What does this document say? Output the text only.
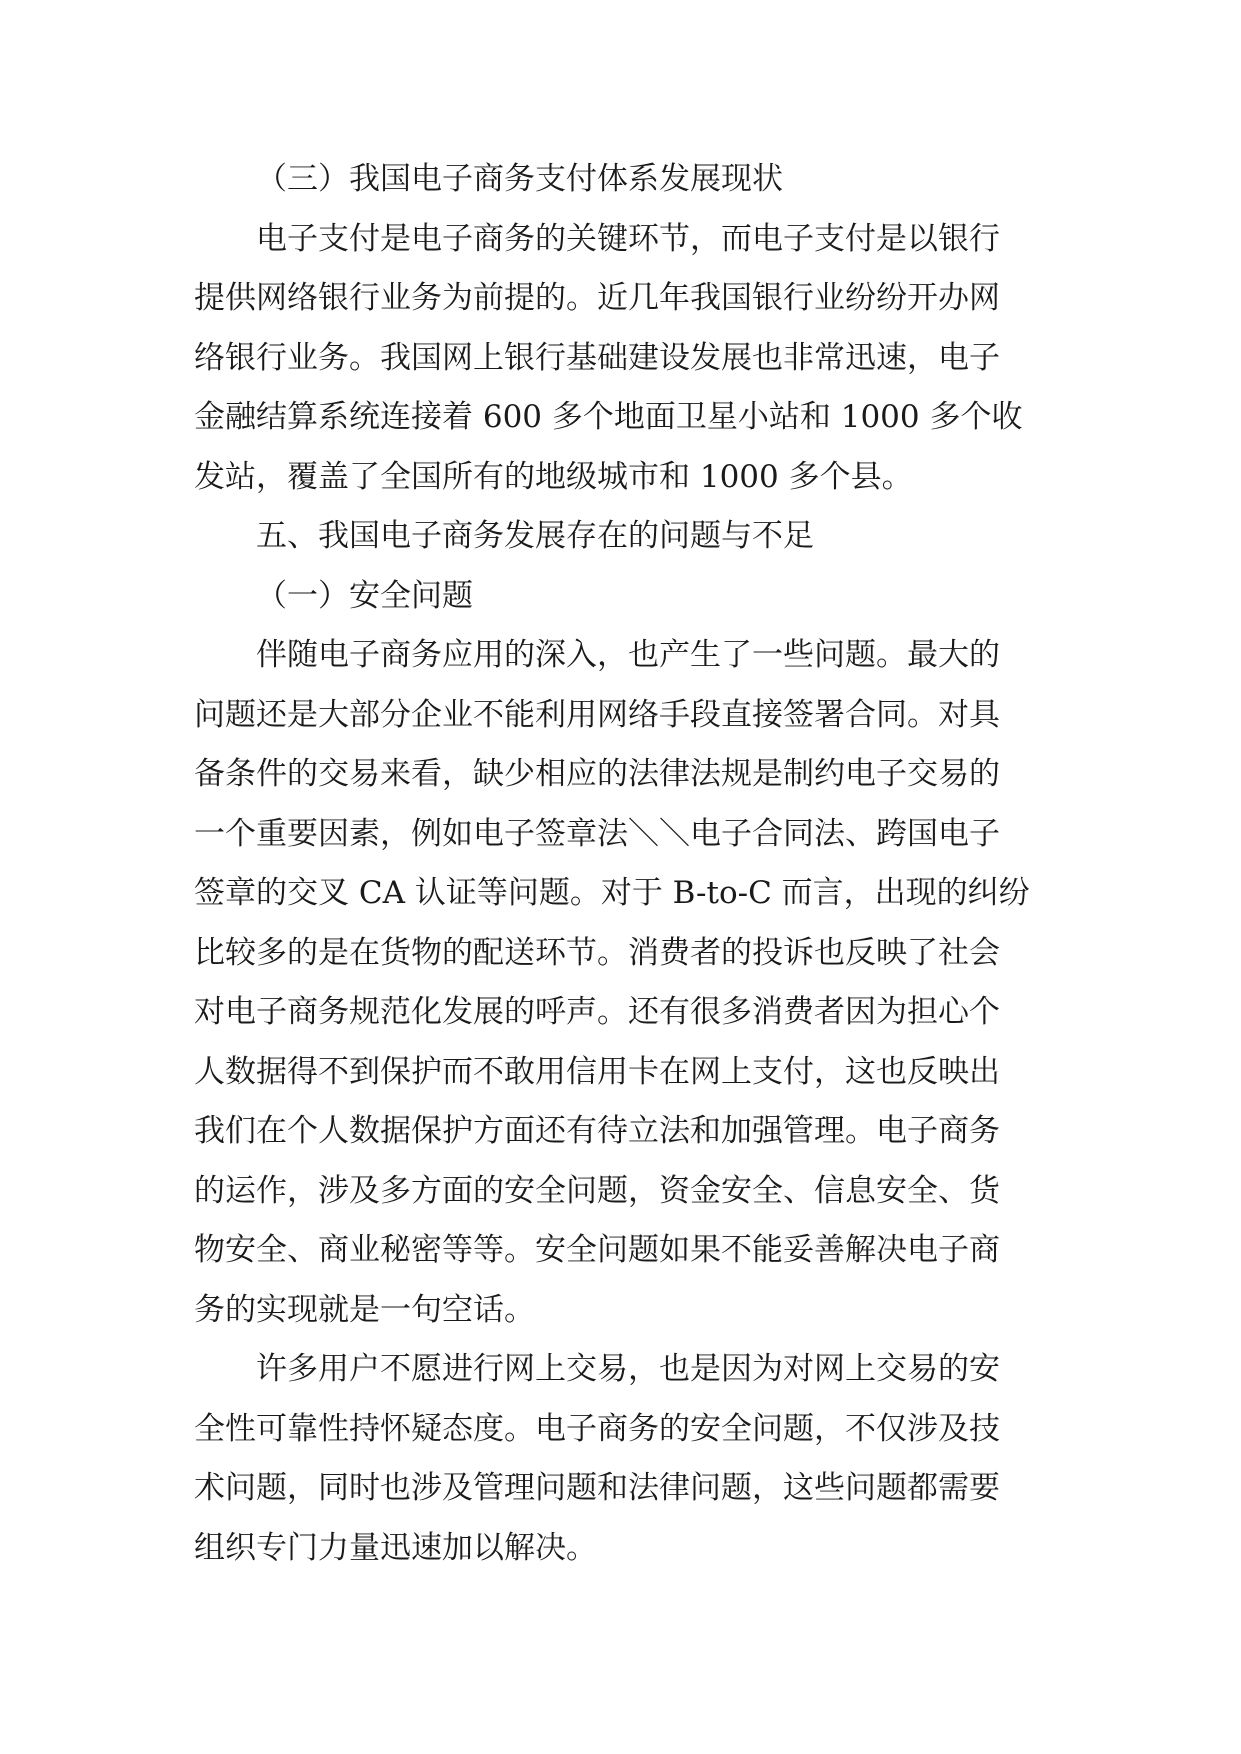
（三）我国电子商务支付体系发展现状
电子支付是电子商务的关键环节，而电子支付是以银行
提供网络银行业务为前提的。近几年我国银行业纷纷开办网
络银行业务。我国网上银行基础建设发展也非常迅速，电子
金融结算系统连接着 600 多个地面卫星小站和 1000 多个收
发站，覆盖了全国所有的地级城市和 1000 多个县。
五、我国电子商务发展存在的问题与不足
（一）安全问题
伴随电子商务应用的深入，也产生了一些问题。最大的
问题还是大部分企业不能利用网络手段直接签署合同。对具
备条件的交易来看，缺少相应的法律法规是制约电子交易的
一个重要因素，例如电子签章法＼＼电子合同法、跨国电子
签章的交叉 CA 认证等问题。对于 B-to-C 而言，出现的纠纷
比较多的是在货物的配送环节。消费者的投诉也反映了社会
对电子商务规范化发展的呼声。还有很多消费者因为担心个
人数据得不到保护而不敢用信用卡在网上支付，这也反映出
我们在个人数据保护方面还有待立法和加强管理。电子商务
的运作，涉及多方面的安全问题，资金安全、信息安全、货
物安全、商业秘密等等。安全问题如果不能妥善解决电子商
务的实现就是一句空话。
许多用户不愿进行网上交易，也是因为对网上交易的安
全性可靠性持怀疑态度。电子商务的安全问题，不仅涉及技
术问题，同时也涉及管理问题和法律问题，这些问题都需要
组织专门力量迅速加以解决。
